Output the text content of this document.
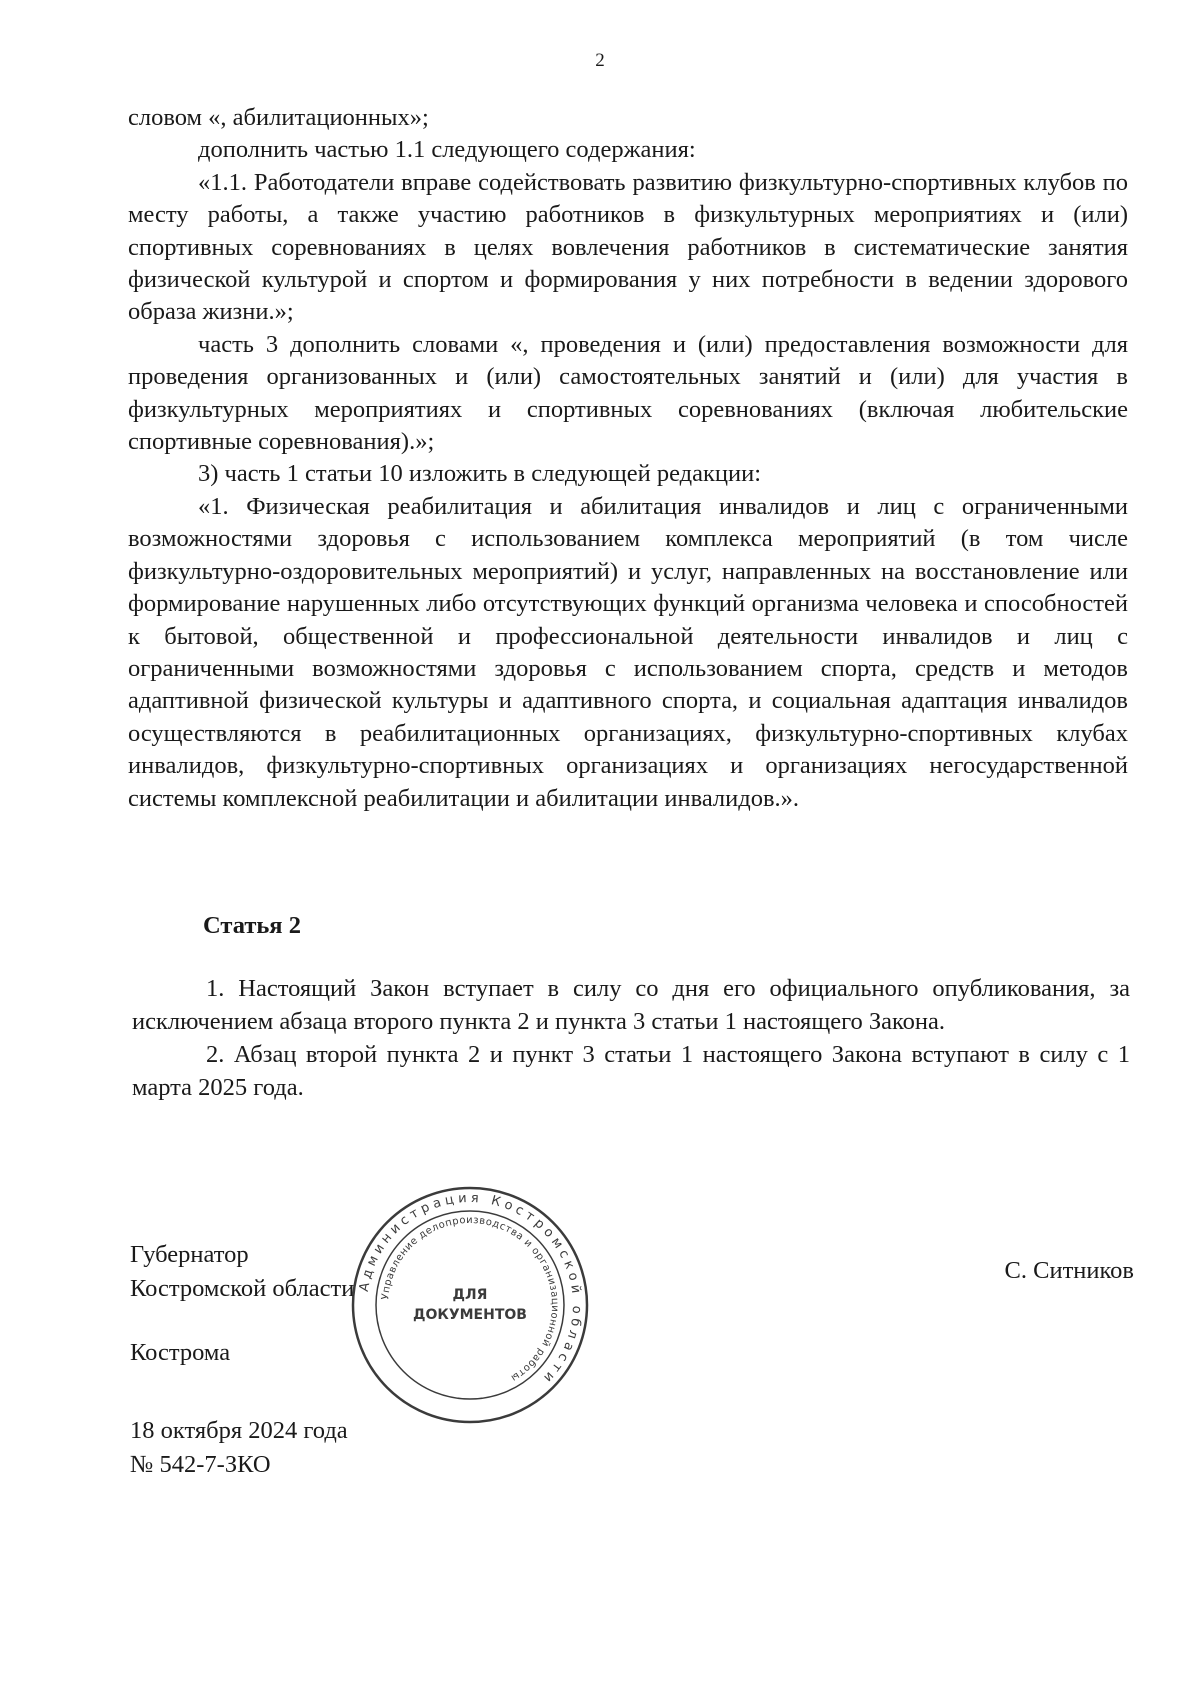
2

словом «, абилитационных»;

дополнить частью 1.1 следующего содержания:

«1.1. Работодатели вправе содействовать развитию физкультурно-спортивных клубов по месту работы, а также участию работников в физкультурных мероприятиях и (или) спортивных соревнованиях в целях вовлечения работников в систематические занятия физической культурой и спортом и формирования у них потребности в ведении здорового образа жизни.»;

часть 3 дополнить словами «, проведения и (или) предоставления возможности для проведения организованных и (или) самостоятельных занятий и (или) для участия в физкультурных мероприятиях и спортивных соревнованиях (включая любительские спортивные соревнования).»;

3) часть 1 статьи 10 изложить в следующей редакции:

«1. Физическая реабилитация и абилитация инвалидов и лиц с ограниченными возможностями здоровья с использованием комплекса мероприятий (в том числе физкультурно-оздоровительных мероприятий) и услуг, направленных на восстановление или формирование нарушенных либо отсутствующих функций организма человека и способностей к бытовой, общественной и профессиональной деятельности инвалидов и лиц с ограниченными возможностями здоровья с использованием спорта, средств и методов адаптивной физической культуры и адаптивного спорта, и социальная адаптация инвалидов осуществляются в реабилитационных организациях, физкультурно-спортивных клубах инвалидов, физкультурно-спортивных организациях и организациях негосударственной системы комплексной реабилитации и абилитации инвалидов.».

Статья 2

1. Настоящий Закон вступает в силу со дня его официального опубликования, за исключением абзаца второго пункта 2 и пункта 3 статьи 1 настоящего Закона.

2. Абзац второй пункта 2 и пункт 3 статьи 1 настоящего Закона вступают в силу с 1 марта 2025 года.

Губернатор
Костромской области
С. Ситников
Кострома
18 октября 2024 года
№ 542-7-ЗКО
Администрация Костромской области
Управление делопроизводства и организационной работы
ДЛЯ
ДОКУМЕНТОВ
